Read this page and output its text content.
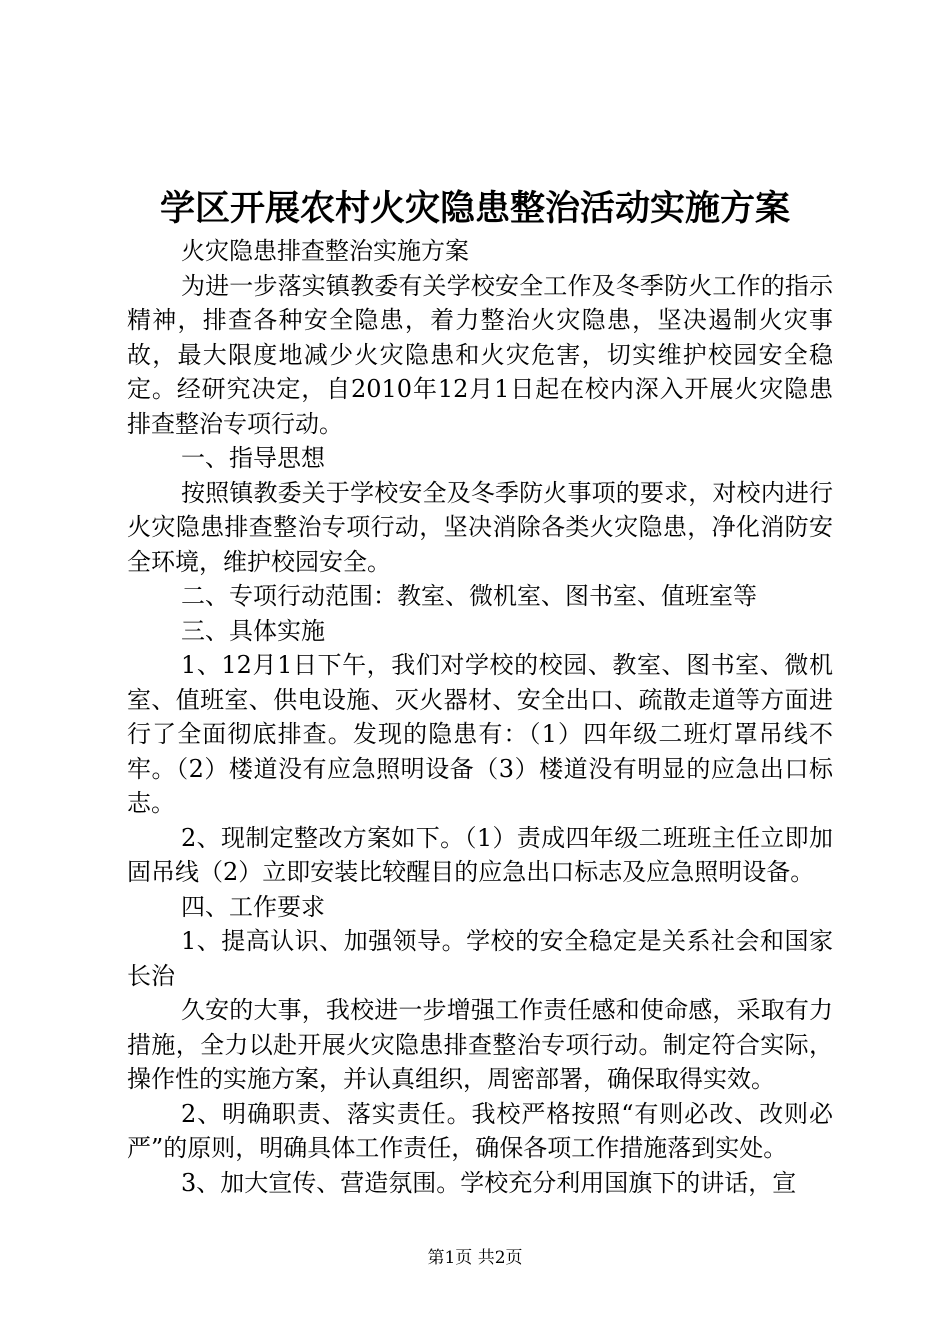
学区开展农村火灾隐患整治活动实施方案

火灾隐患排查整治实施方案

为进一步落实镇教委有关学校安全工作及冬季防火工作的指示精神，排查各种安全隐患，着力整治火灾隐患，坚决遏制火灾事故，最大限度地减少火灾隐患和火灾危害，切实维护校园安全稳定。经研究决定，自2010年12月1日起在校内深入开展火灾隐患排查整治专项行动。

一、指导思想

按照镇教委关于学校安全及冬季防火事项的要求，对校内进行火灾隐患排查整治专项行动，坚决消除各类火灾隐患，净化消防安全环境，维护校园安全。

二、专项行动范围：教室、微机室、图书室、值班室等

三、具体实施

1、12月1日下午，我们对学校的校园、教室、图书室、微机室、值班室、供电设施、灭火器材、安全出口、疏散走道等方面进行了全面彻底排查。发现的隐患有：（1）四年级二班灯罩吊线不牢。（2）楼道没有应急照明设备（3）楼道没有明显的应急出口标志。

2、现制定整改方案如下。（1）责成四年级二班班主任立即加固吊线（2）立即安装比较醒目的应急出口标志及应急照明设备。

四、工作要求

1、提高认识、加强领导。学校的安全稳定是关系社会和国家长治

久安的大事，我校进一步增强工作责任感和使命感，采取有力措施，全力以赴开展火灾隐患排查整治专项行动。制定符合实际，操作性的实施方案，并认真组织，周密部署，确保取得实效。

2、明确职责、落实责任。我校严格按照“有则必改、改则必严”的原则，明确具体工作责任，确保各项工作措施落到实处。

3、加大宣传、营造氛围。学校充分利用国旗下的讲话，宣

第1页 共2页
